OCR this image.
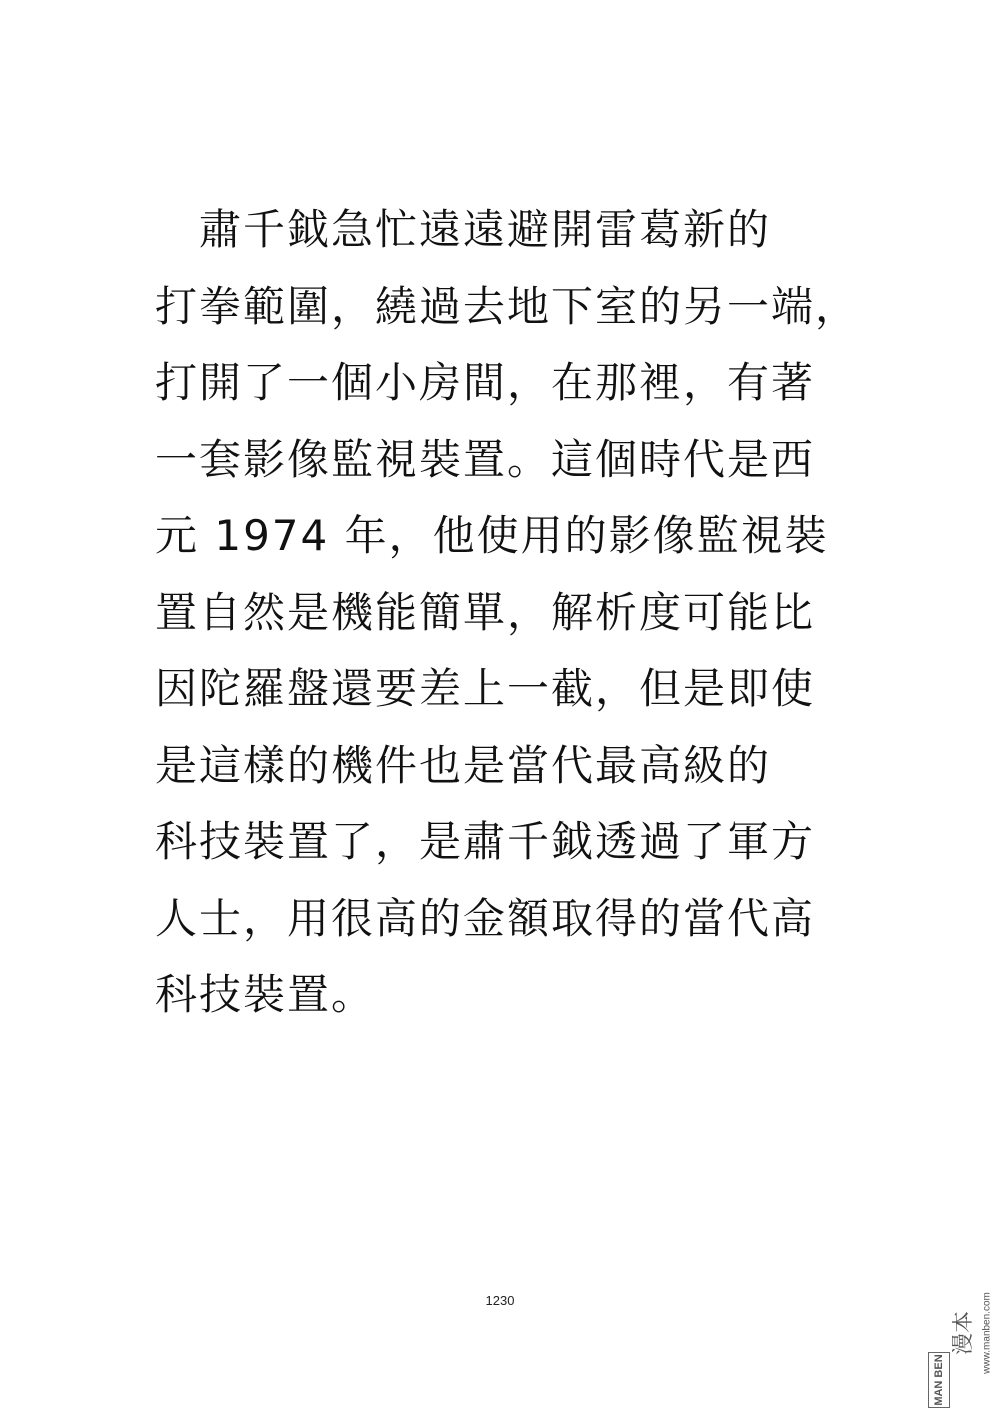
肅千鉞急忙遠遠避開雷葛新的
打拳範圍，繞過去地下室的另一端，
打開了一個小房間，在那裡，有著
一套影像監視裝置。這個時代是西
元 1974 年，他使用的影像監視裝
置自然是機能簡單，解析度可能比
因陀羅盤還要差上一截，但是即使
是這樣的機件也是當代最高級的
科技裝置了，是肅千鉞透過了軍方
人士，用很高的金額取得的當代高
科技裝置。
1230
MAN BEN
漫本 www.manben.com
